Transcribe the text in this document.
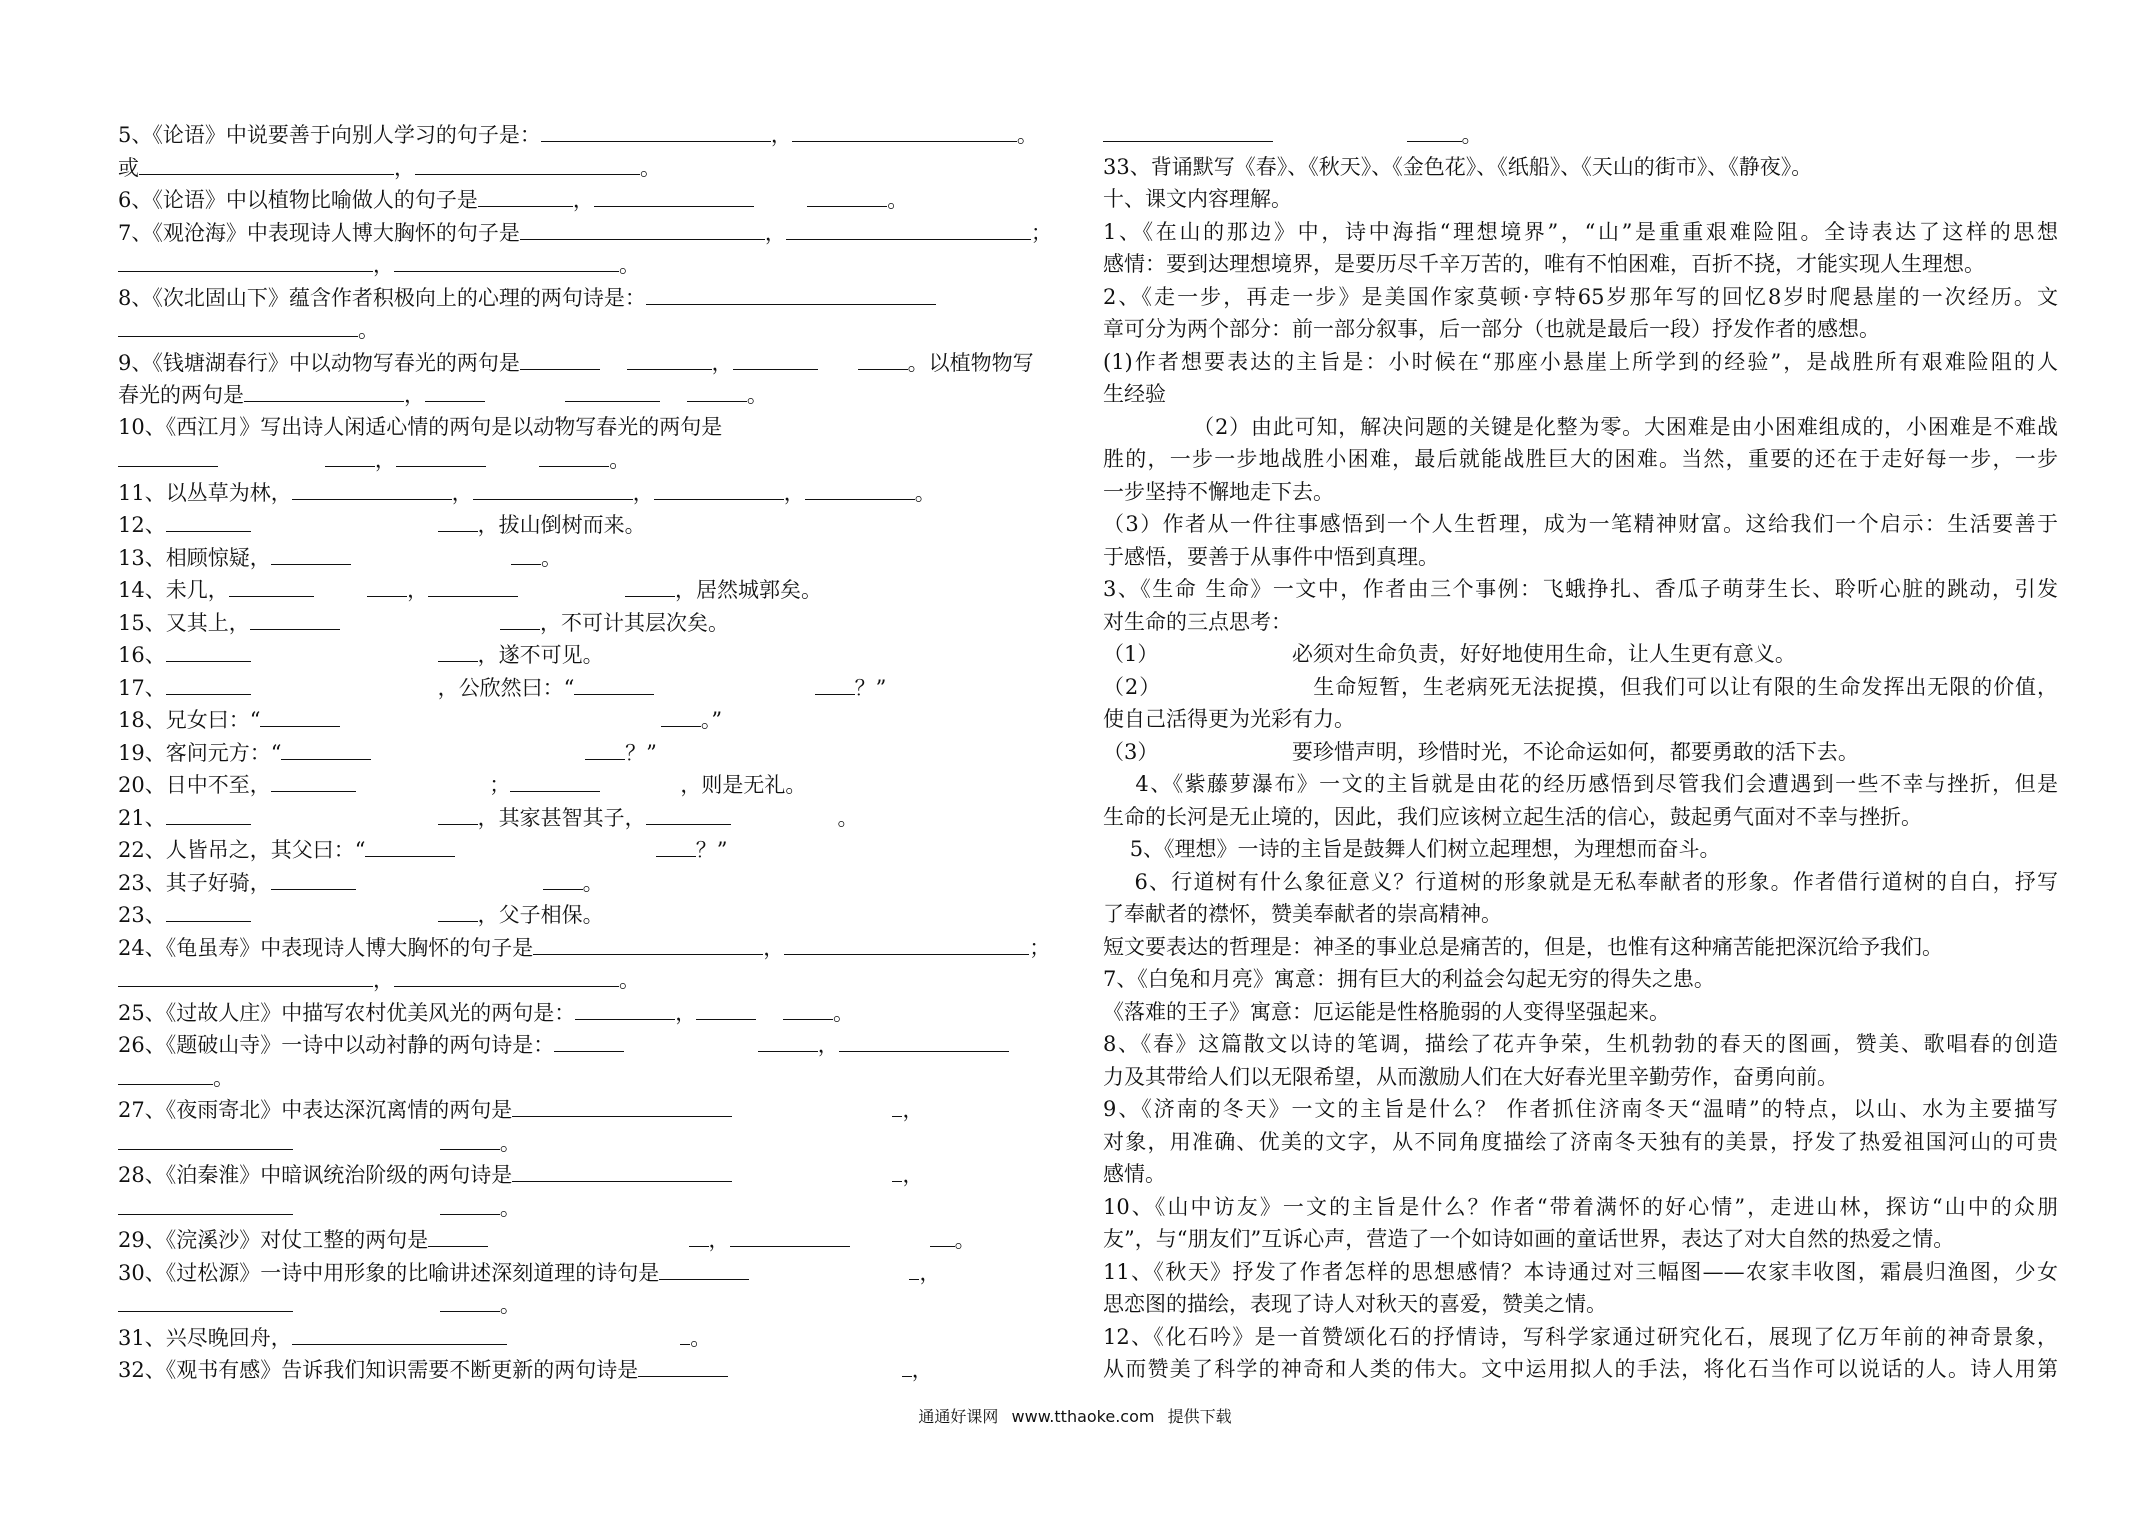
5、《论语》中说要善于向别人学习的句子是：	，	。
或	，	。
6、《论语》中以植物比喻做人的句子是	，	。
7、《观沧海》中表现诗人博大胸怀的句子是	，	；
，	。
8、《次北固山下》蕴含作者积极向上的心理的两句诗是：
。
9、《钱塘湖春行》中以动物写春光的两句是	，	。以植物物写
春光的两句是	，	。
10、《西江月》写出诗人闲适心情的两句是以动物写春光的两句是
，	。
11、以丛草为林，	，	，	，	。
12、	，拔山倒树而来。
13、相顾惊疑，	。
14、未几，	，	，居然城郭矣。
15、又其上，	，不可计其层次矣。
16、	，遂不可见。
17、	，公欣然曰：“	？”
18、兄女曰：“	。”
19、客问元方：“	？”
20、日中不至，	；	，则是无礼。
21、	，其家甚智其子，	。
22、人皆吊之，其父曰：“	？”
23、其子好骑，	。
23、	，父子相保。
24、《龟虽寿》中表现诗人博大胸怀的句子是	，	；
，	。
25、《过故人庄》中描写农村优美风光的两句是：	，	。
26、《题破山寺》一诗中以动衬静的两句诗是：	，
。
27、《夜雨寄北》中表达深沉离情的两句是	，
。
28、《泊秦淮》中暗讽统治阶级的两句诗是	，
。
29、《浣溪沙》对仗工整的两句是	，	。
30、《过松源》一诗中用形象的比喻讲述深刻道理的诗句是	，
。
31、兴尽晚回舟，	。
32、《观书有感》告诉我们知识需要不断更新的两句诗是	，
。
33、背诵默写《春》、《秋天》、《金色花》、《纸船》、《天山的街市》、《静夜》。
十、课文内容理解。
1、《在山的那边》中，诗中海指“理想境界”，“山”是重重艰难险阻。全诗表达了这样的思想
感情：要到达理想境界，是要历尽千辛万苦的，唯有不怕困难，百折不挠，才能实现人生理想。
2、《走一步，再走一步》是美国作家莫顿·亨特65岁那年写的回忆8岁时爬悬崖的一次经历。文
章可分为两个部分：前一部分叙事，后一部分（也就是最后一段）抒发作者的感想。
(1)作者想要表达的主旨是：小时候在“那座小悬崖上所学到的经验”，是战胜所有艰难险阻的人
生经验
（2）由此可知，解决问题的关键是化整为零。大困难是由小困难组成的，小困难是不难战
胜的，一步一步地战胜小困难，最后就能战胜巨大的困难。当然，重要的还在于走好每一步，一步
一步坚持不懈地走下去。
（3）作者从一件往事感悟到一个人生哲理，成为一笔精神财富。这给我们一个启示：生活要善于
于感悟，要善于从事件中悟到真理。
3、《生命 生命》一文中，作者由三个事例：飞蛾挣扎、香瓜子萌芽生长、聆听心脏的跳动，引发
对生命的三点思考：
（1）                    必须对生命负责，好好地使用生命，让人生更有意义。
（2）                    生命短暂，生老病死无法捉摸，但我们可以让有限的生命发挥出无限的价值，
使自己活得更为光彩有力。
（3）                    要珍惜声明，珍惜时光，不论命运如何，都要勇敢的活下去。
4、《紫藤萝瀑布》一文的主旨就是由花的经历感悟到尽管我们会遭遇到一些不幸与挫折，但是
生命的长河是无止境的，因此，我们应该树立起生活的信心，鼓起勇气面对不幸与挫折。
5、《理想》一诗的主旨是鼓舞人们树立起理想，为理想而奋斗。
6、行道树有什么象征意义？行道树的形象就是无私奉献者的形象。作者借行道树的自白，抒写
了奉献者的襟怀，赞美奉献者的崇高精神。
短文要表达的哲理是：神圣的事业总是痛苦的，但是，也惟有这种痛苦能把深沉给予我们。
7、《白兔和月亮》寓意：拥有巨大的利益会勾起无穷的得失之患。
《落难的王子》寓意：厄运能是性格脆弱的人变得坚强起来。
8、《春》这篇散文以诗的笔调，描绘了花卉争荣，生机勃勃的春天的图画，赞美、歌唱春的创造
力及其带给人们以无限希望，从而激励人们在大好春光里辛勤劳作，奋勇向前。
9、《济南的冬天》一文的主旨是什么？ 作者抓住济南冬天“温晴”的特点，以山、水为主要描写
对象，用准确、优美的文字，从不同角度描绘了济南冬天独有的美景，抒发了热爱祖国河山的可贵
感情。
10、《山中访友》一文的主旨是什么？作者“带着满怀的好心情”，走进山林，探访“山中的众朋
友”，与“朋友们”互诉心声，营造了一个如诗如画的童话世界，表达了对大自然的热爱之情。
11、《秋天》抒发了作者怎样的思想感情？本诗通过对三幅图——农家丰收图，霜晨归渔图，少女
思恋图的描绘，表现了诗人对秋天的喜爱，赞美之情。
12、《化石吟》是一首赞颂化石的抒情诗，写科学家通过研究化石，展现了亿万年前的神奇景象，
从而赞美了科学的神奇和人类的伟大。文中运用拟人的手法，将化石当作可以说话的人。诗人用第
通通好课网 www.tthaoke.com 提供下载
